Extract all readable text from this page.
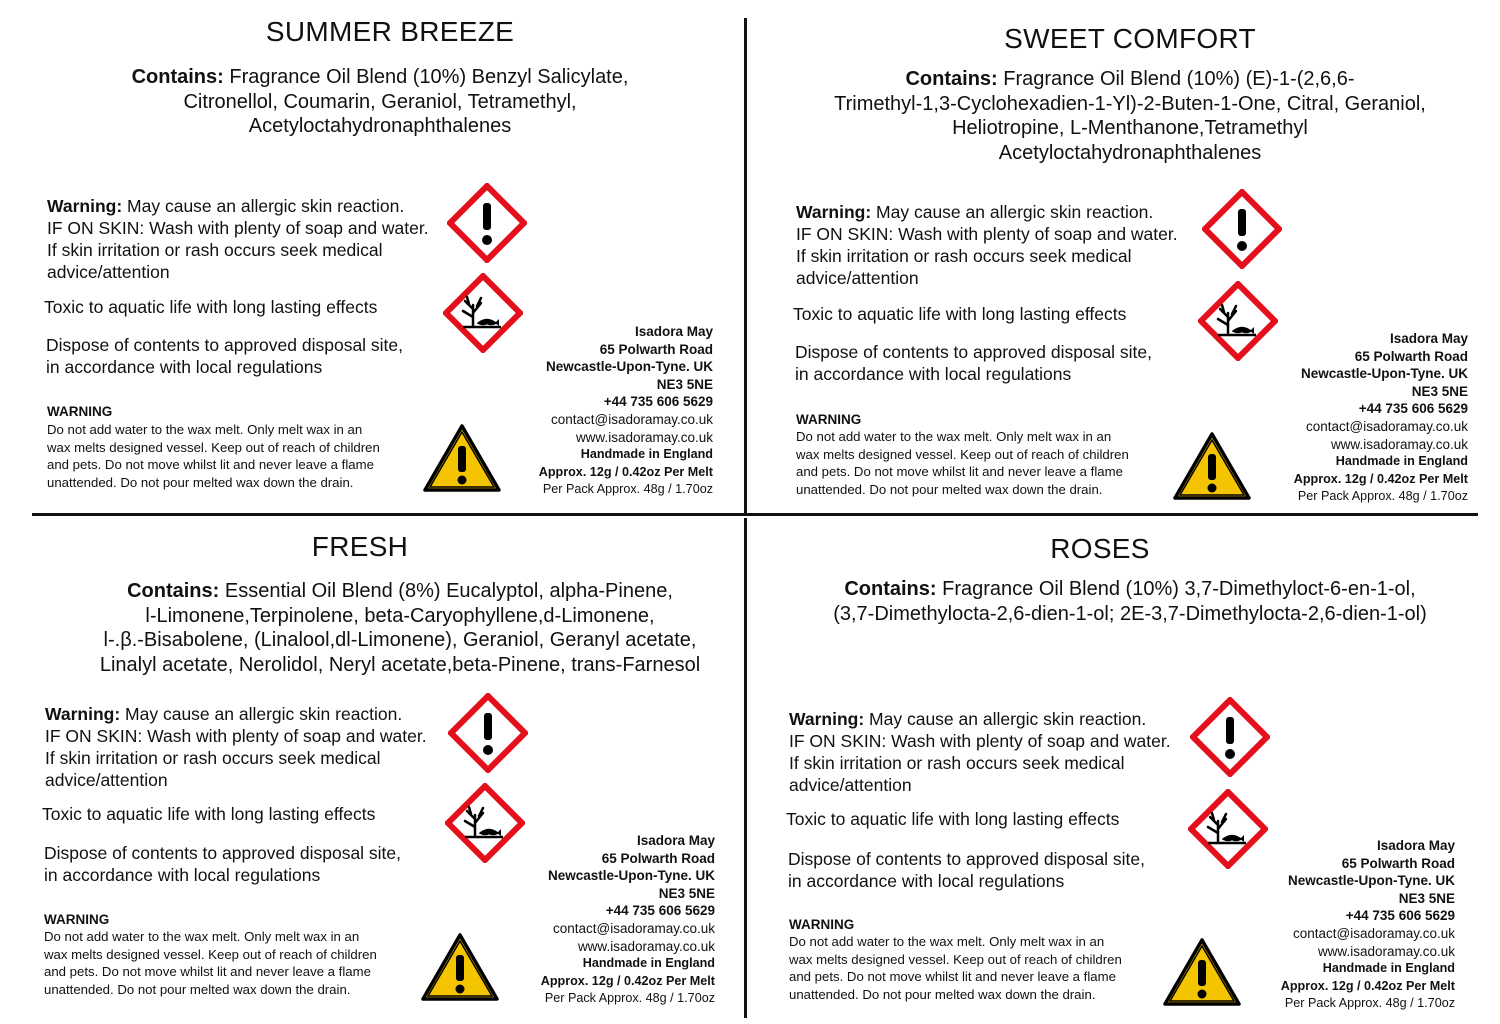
SUMMER BREEZE
Contains: Fragrance Oil Blend (10%) Benzyl Salicylate,
Citronellol, Coumarin, Geraniol, Tetramethyl,
Acetyloctahydronaphthalenes
Warning: May cause an allergic skin reaction.
IF ON SKIN: Wash with plenty of soap and water.
If skin irritation or rash occurs seek medical
advice/attention
Toxic to aquatic life with long lasting effects
Dispose of contents to approved disposal site,
in accordance with local regulations
WARNING
Do not add water to the wax melt. Only melt wax in an
wax melts designed vessel. Keep out of reach of children
and pets. Do not move whilst lit and never leave a flame
unattended. Do not pour melted wax down the drain.
Isadora May
65 Polwarth Road
Newcastle-Upon-Tyne. UK
NE3 5NE
+44 735 606 5629
contact@isadoramay.co.uk
www.isadoramay.co.uk
Handmade in England
Approx. 12g / 0.42oz Per Melt
Per Pack Approx. 48g / 1.70oz
SWEET COMFORT
Contains: Fragrance Oil Blend (10%) (E)-1-(2,6,6-
Trimethyl-1,3-Cyclohexadien-1-Yl)-2-Buten-1-One, Citral, Geraniol,
Heliotropine, L-Menthanone,Tetramethyl
Acetyloctahydronaphthalenes
Warning: May cause an allergic skin reaction.
IF ON SKIN: Wash with plenty of soap and water.
If skin irritation or rash occurs seek medical
advice/attention
Toxic to aquatic life with long lasting effects
Dispose of contents to approved disposal site,
in accordance with local regulations
WARNING
Do not add water to the wax melt. Only melt wax in an
wax melts designed vessel. Keep out of reach of children
and pets. Do not move whilst lit and never leave a flame
unattended. Do not pour melted wax down the drain.
Isadora May
65 Polwarth Road
Newcastle-Upon-Tyne. UK
NE3 5NE
+44 735 606 5629
contact@isadoramay.co.uk
www.isadoramay.co.uk
Handmade in England
Approx. 12g / 0.42oz Per Melt
Per Pack Approx. 48g / 1.70oz
FRESH
Contains: Essential Oil Blend (8%) Eucalyptol, alpha-Pinene,
l-Limonene,Terpinolene, beta-Caryophyllene,d-Limonene,
l-.β.-Bisabolene, (Linalool,dl-Limonene), Geraniol, Geranyl acetate,
Linalyl acetate, Nerolidol, Neryl acetate,beta-Pinene, trans-Farnesol
Warning: May cause an allergic skin reaction.
IF ON SKIN: Wash with plenty of soap and water.
If skin irritation or rash occurs seek medical
advice/attention
Toxic to aquatic life with long lasting effects
Dispose of contents to approved disposal site,
in accordance with local regulations
WARNING
Do not add water to the wax melt. Only melt wax in an
wax melts designed vessel. Keep out of reach of children
and pets. Do not move whilst lit and never leave a flame
unattended. Do not pour melted wax down the drain.
Isadora May
65 Polwarth Road
Newcastle-Upon-Tyne. UK
NE3 5NE
+44 735 606 5629
contact@isadoramay.co.uk
www.isadoramay.co.uk
Handmade in England
Approx. 12g / 0.42oz Per Melt
Per Pack Approx. 48g / 1.70oz
ROSES
Contains: Fragrance Oil Blend (10%) 3,7-Dimethyloct-6-en-1-ol,
(3,7-Dimethylocta-2,6-dien-1-ol; 2E-3,7-Dimethylocta-2,6-dien-1-ol)
Warning: May cause an allergic skin reaction.
IF ON SKIN: Wash with plenty of soap and water.
If skin irritation or rash occurs seek medical
advice/attention
Toxic to aquatic life with long lasting effects
Dispose of contents to approved disposal site,
in accordance with local regulations
WARNING
Do not add water to the wax melt. Only melt wax in an
wax melts designed vessel. Keep out of reach of children
and pets. Do not move whilst lit and never leave a flame
unattended. Do not pour melted wax down the drain.
Isadora May
65 Polwarth Road
Newcastle-Upon-Tyne. UK
NE3 5NE
+44 735 606 5629
contact@isadoramay.co.uk
www.isadoramay.co.uk
Handmade in England
Approx. 12g / 0.42oz Per Melt
Per Pack Approx. 48g / 1.70oz
